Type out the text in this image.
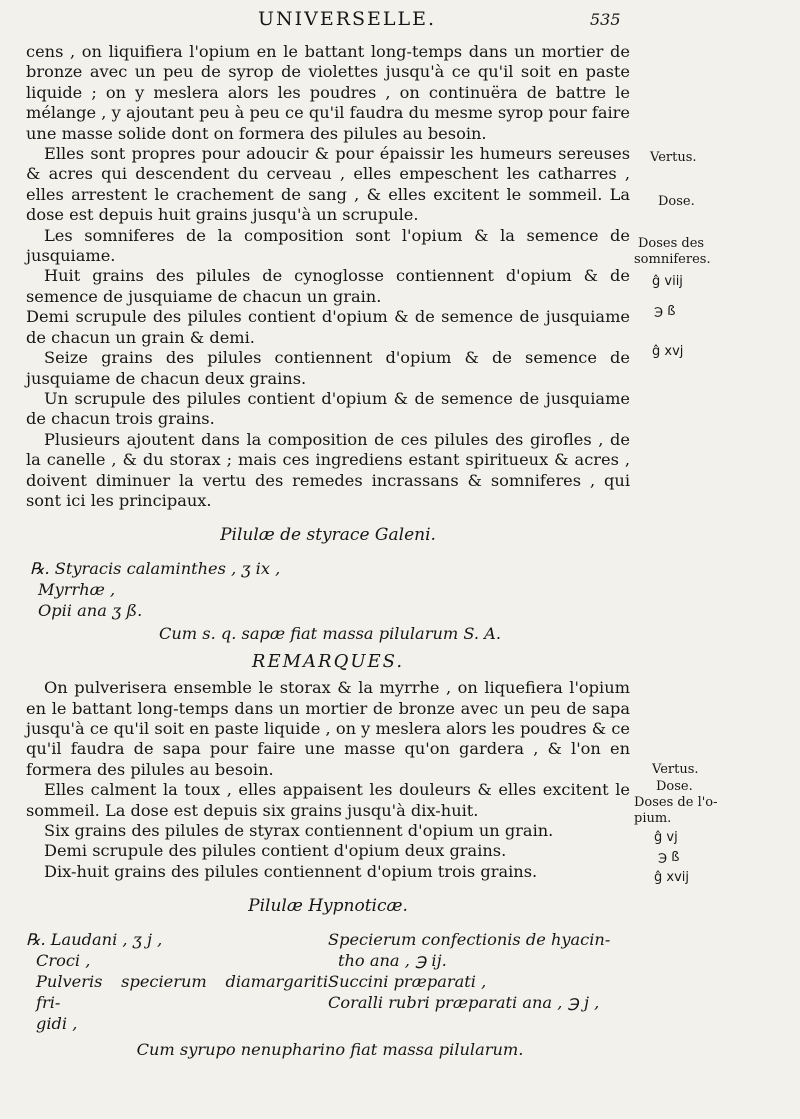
UNIVERSELLE.	535

cens , on liquifiera l'opium en le battant long-temps dans un mortier de bronze avec un peu de syrop de violettes jusqu'à ce qu'il soit en paste liquide ; on y meslera alors les poudres , on continuëra de battre le mélange , y ajoutant peu à peu ce qu'il faudra du mesme syrop pour faire une masse solide dont on formera des pilules au besoin.

Elles sont propres pour adoucir & pour épaissir les humeurs sereuses & acres qui descendent du cerveau , elles empeschent les catharres , elles arrestent le crachement de sang , & elles excitent le sommeil. La dose est depuis huit grains jusqu'à un scrupule.

Les somniferes de la composition sont l'opium & la semence de jusquiame.

Huit grains des pilules de cynoglosse contiennent d'opium & de semence de jusquiame de chacun un grain.

Demi scrupule des pilules contient d'opium & de semence de jusquiame de chacun un grain & demi.

Seize grains des pilules contiennent d'opium & de semence de jusquiame de chacun deux grains.

Un scrupule des pilules contient d'opium & de semence de jusquiame de chacun trois grains.

Plusieurs ajoutent dans la composition de ces pilules des girofles , de la canelle , & du storax ; mais ces ingrediens estant spiritueux & acres , doivent diminuer la vertu des remedes incrassans & somniferes , qui sont ici les principaux.

Pilulæ de styrace Galeni.
℞. Styracis calaminthes , ʒ ix ,
Myrrhæ ,
Opii ana ʒ ß.
Cum s. q. sapæ fiat massa pilularum S. A.
REMARQUES.

On pulverisera ensemble le storax & la myrrhe , on liquefiera l'opium en le battant long-temps dans un mortier de bronze avec un peu de sapa jusqu'à ce qu'il soit en paste liquide , on y meslera alors les poudres & ce qu'il faudra de sapa pour faire une masse qu'on gardera , & l'on en formera des pilules au besoin.

Elles calment la toux , elles appaisent les douleurs & elles excitent le sommeil. La dose est depuis six grains jusqu'à dix-huit.

Six grains des pilules de styrax contiennent d'opium un grain.

Demi scrupule des pilules contient d'opium deux grains.

Dix-huit grains des pilules contiennent d'opium trois grains.

Pilulæ Hypnoticæ.
℞. Laudani , ʒ j ,
Croci ,
Pulveris specierum diamargariti fri-
gidi ,
Specierum confectionis de hyacin-
tho ana , ℈ ij.
Succini præparati ,
Coralli rubri præparati ana , ℈ j ,
Cum syrupo nenupharino fiat massa pilularum.
Vertus.
Dose.
Doses des
somniferes.
ĝ viij
℈ ß
ĝ xvj
Vertus.
Dose.
Doses de l'o-
pium.
ĝ vj
℈ ß
ĝ xvij
